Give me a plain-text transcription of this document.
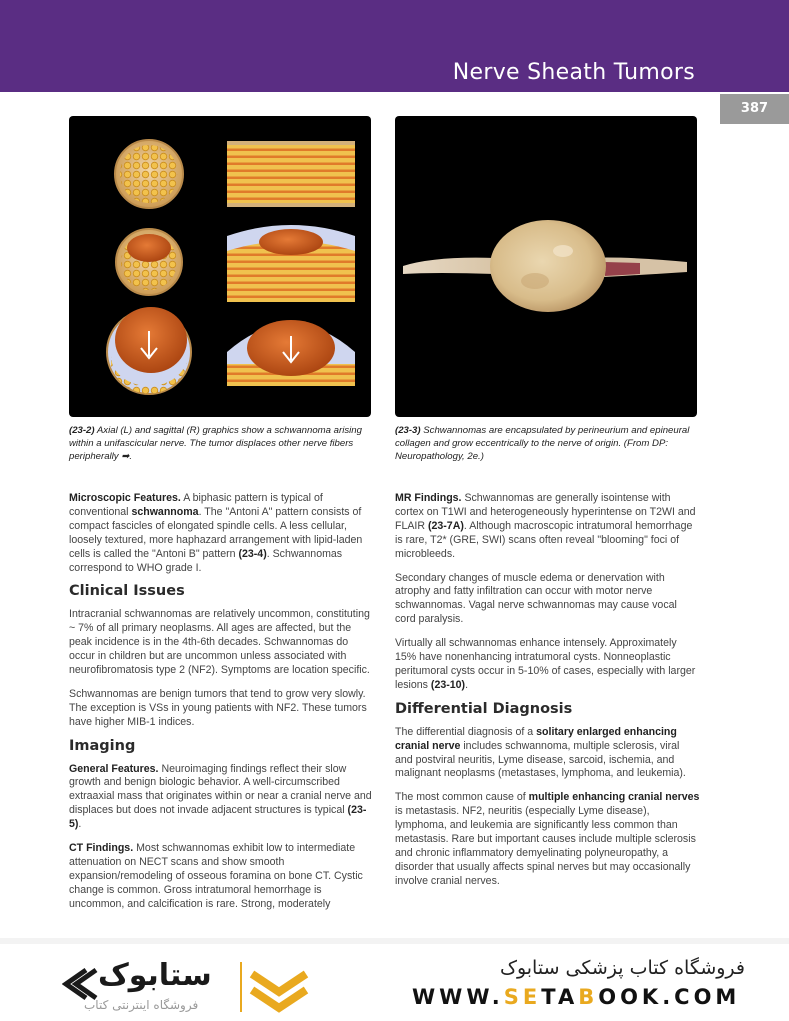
Nerve Sheath Tumors
387
(23-2) Axial (L) and sagittal (R) graphics show a schwannoma arising within a unifascicular nerve. The tumor displaces other nerve fibers peripherally ➡.
(23-3) Schwannomas are encapsulated by perineurium and epineural collagen and grow eccentrically to the nerve of origin. (From DP: Neuropathology, 2e.)

Microscopic Features. A biphasic pattern is typical of conventional schwannoma. The "Antoni A" pattern consists of compact fascicles of elongated spindle cells. A less cellular, loosely textured, more haphazard arrangement with lipid-laden cells is called the "Antoni B" pattern (23-4). Schwannomas correspond to WHO grade I.

Clinical Issues

Intracranial schwannomas are relatively uncommon, constituting ~ 7% of all primary neoplasms. All ages are affected, but the peak incidence is in the 4th-6th decades. Schwannomas do occur in children but are uncommon unless associated with neurofibromatosis type 2 (NF2). Symptoms are location specific.

Schwannomas are benign tumors that tend to grow very slowly. The exception is VSs in young patients with NF2. These tumors have higher MIB-1 indices.

Imaging

General Features. Neuroimaging findings reflect their slow growth and benign biologic behavior. A well-circumscribed extraaxial mass that originates within or near a cranial nerve and displaces but does not invade adjacent structures is typical (23-5).

CT Findings. Most schwannomas exhibit low to intermediate attenuation on NECT scans and show smooth expansion/remodeling of osseous foramina on bone CT. Cystic change is common. Gross intratumoral hemorrhage is uncommon, and calcification is rare. Strong, moderately

MR Findings. Schwannomas are generally isointense with cortex on T1WI and heterogeneously hyperintense on T2WI and FLAIR (23-7A). Although macroscopic intratumoral hemorrhage is rare, T2* (GRE, SWI) scans often reveal "blooming" foci of microbleeds.

Secondary changes of muscle edema or denervation with atrophy and fatty infiltration can occur with motor nerve schwannomas. Vagal nerve schwannomas may cause vocal cord paralysis.

Virtually all schwannomas enhance intensely. Approximately 15% have nonenhancing intratumoral cysts. Nonneoplastic peritumoral cysts occur in 5-10% of cases, especially with larger lesions (23-10).

Differential Diagnosis

The differential diagnosis of a solitary enlarged enhancing cranial nerve includes schwannoma, multiple sclerosis, viral and postviral neuritis, Lyme disease, sarcoid, ischemia, and malignant neoplasms (metastases, lymphoma, and leukemia).

The most common cause of multiple enhancing cranial nerves is metastasis. NF2, neuritis (especially Lyme disease), lymphoma, and leukemia are significantly less common than metastasis. Rare but important causes include multiple sclerosis and chronic inflammatory demyelinating polyneuropathy, a disorder that usually affects spinal nerves but may occasionally involve cranial nerves.

ستابوک
فروشگاه اینترنتی کتاب
فروشگاه کتاب پزشکی ستابوک
WWW.SETABOOK.COM
